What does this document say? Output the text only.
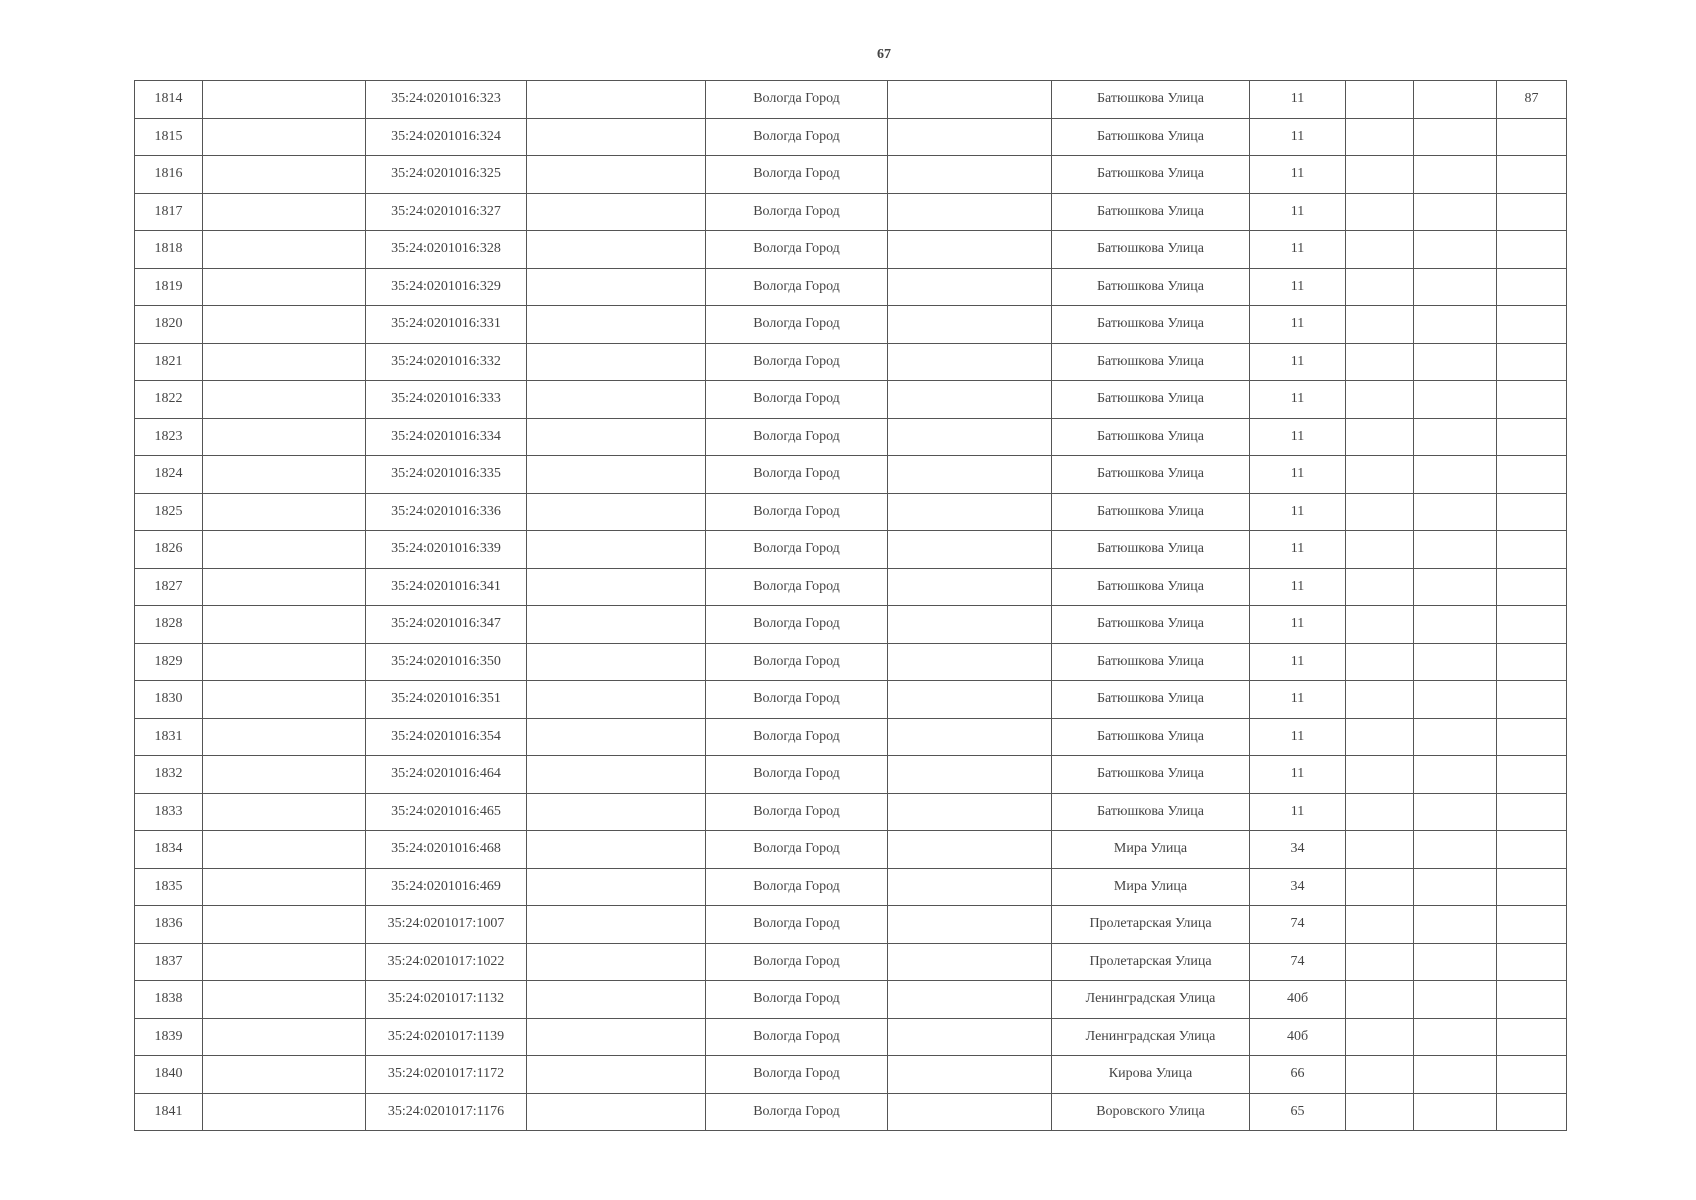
67
1814		35:24:0201016:323		Вологда Город		Батюшкова Улица	11			87
1815		35:24:0201016:324		Вологда Город		Батюшкова Улица	11			
1816		35:24:0201016:325		Вологда Город		Батюшкова Улица	11			
1817		35:24:0201016:327		Вологда Город		Батюшкова Улица	11			
1818		35:24:0201016:328		Вологда Город		Батюшкова Улица	11			
1819		35:24:0201016:329		Вологда Город		Батюшкова Улица	11			
1820		35:24:0201016:331		Вологда Город		Батюшкова Улица	11			
1821		35:24:0201016:332		Вологда Город		Батюшкова Улица	11			
1822		35:24:0201016:333		Вологда Город		Батюшкова Улица	11			
1823		35:24:0201016:334		Вологда Город		Батюшкова Улица	11			
1824		35:24:0201016:335		Вологда Город		Батюшкова Улица	11			
1825		35:24:0201016:336		Вологда Город		Батюшкова Улица	11			
1826		35:24:0201016:339		Вологда Город		Батюшкова Улица	11			
1827		35:24:0201016:341		Вологда Город		Батюшкова Улица	11			
1828		35:24:0201016:347		Вологда Город		Батюшкова Улица	11			
1829		35:24:0201016:350		Вологда Город		Батюшкова Улица	11			
1830		35:24:0201016:351		Вологда Город		Батюшкова Улица	11			
1831		35:24:0201016:354		Вологда Город		Батюшкова Улица	11			
1832		35:24:0201016:464		Вологда Город		Батюшкова Улица	11			
1833		35:24:0201016:465		Вологда Город		Батюшкова Улица	11			
1834		35:24:0201016:468		Вологда Город		Мира Улица	34			
1835		35:24:0201016:469		Вологда Город		Мира Улица	34			
1836		35:24:0201017:1007		Вологда Город		Пролетарская Улица	74			
1837		35:24:0201017:1022		Вологда Город		Пролетарская Улица	74			
1838		35:24:0201017:1132		Вологда Город		Ленинградская Улица	40б			
1839		35:24:0201017:1139		Вологда Город		Ленинградская Улица	40б			
1840		35:24:0201017:1172		Вологда Город		Кирова Улица	66			
1841		35:24:0201017:1176		Вологда Город		Воровского Улица	65			
